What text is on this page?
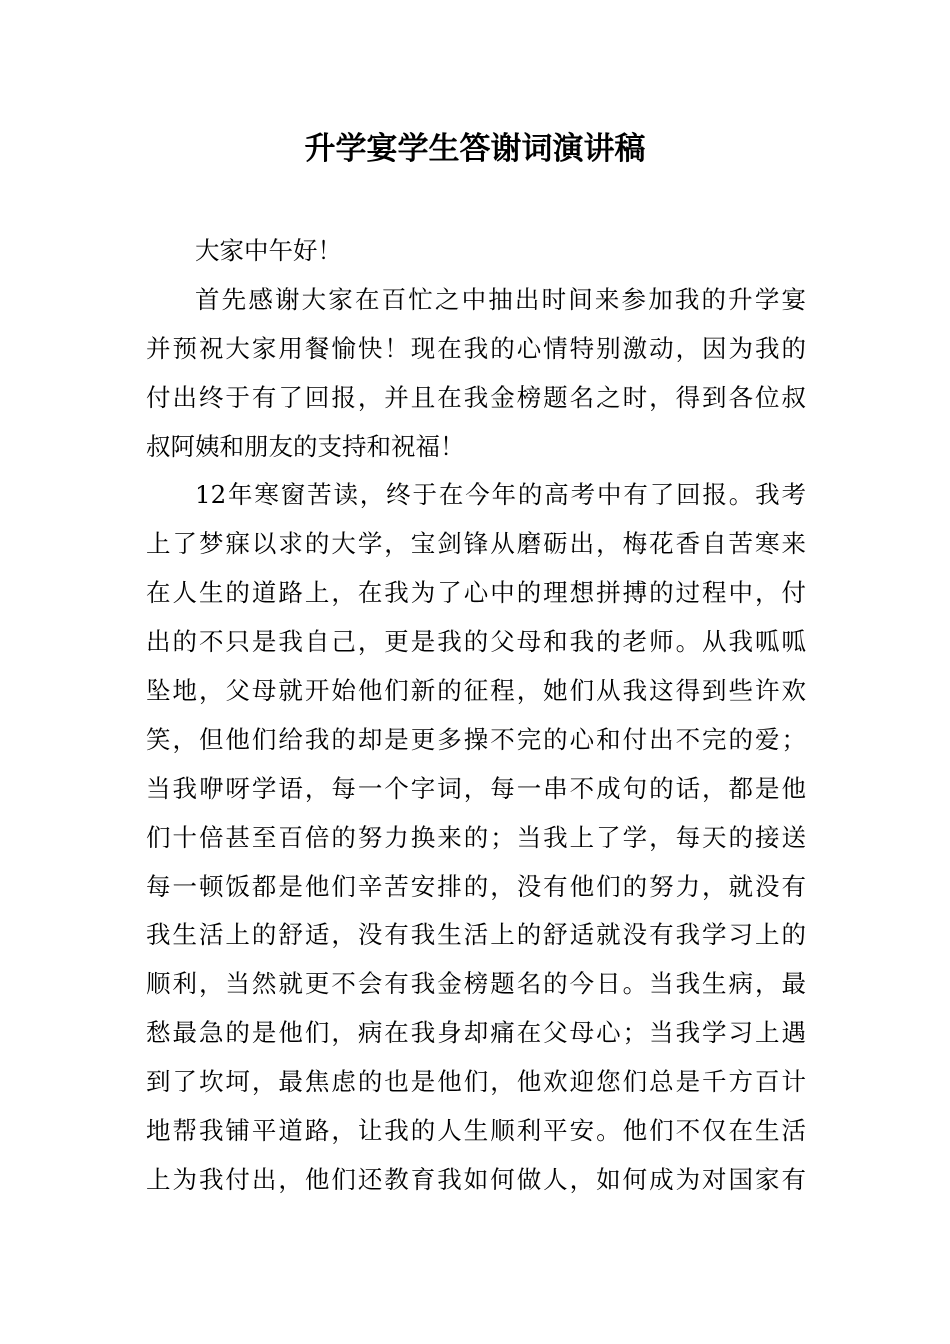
升学宴学生答谢词演讲稿
大家中午好！
首先感谢大家在百忙之中抽出时间来参加我的升学宴
并预祝大家用餐愉快！现在我的心情特别激动，因为我的
付出终于有了回报，并且在我金榜题名之时，得到各位叔
叔阿姨和朋友的支持和祝福！
12年寒窗苦读，终于在今年的高考中有了回报。我考
上了梦寐以求的大学，宝剑锋从磨砺出，梅花香自苦寒来
在人生的道路上，在我为了心中的理想拼搏的过程中，付
出的不只是我自己，更是我的父母和我的老师。从我呱呱
坠地，父母就开始他们新的征程，她们从我这得到些许欢
笑，但他们给我的却是更多操不完的心和付出不完的爱；
当我咿呀学语，每一个字词，每一串不成句的话，都是他
们十倍甚至百倍的努力换来的；当我上了学，每天的接送
每一顿饭都是他们辛苦安排的，没有他们的努力，就没有
我生活上的舒适，没有我生活上的舒适就没有我学习上的
顺利，当然就更不会有我金榜题名的今日。当我生病，最
愁最急的是他们，病在我身却痛在父母心；当我学习上遇
到了坎坷，最焦虑的也是他们，他欢迎您们总是千方百计
地帮我铺平道路，让我的人生顺利平安。他们不仅在生活
上为我付出，他们还教育我如何做人，如何成为对国家有
